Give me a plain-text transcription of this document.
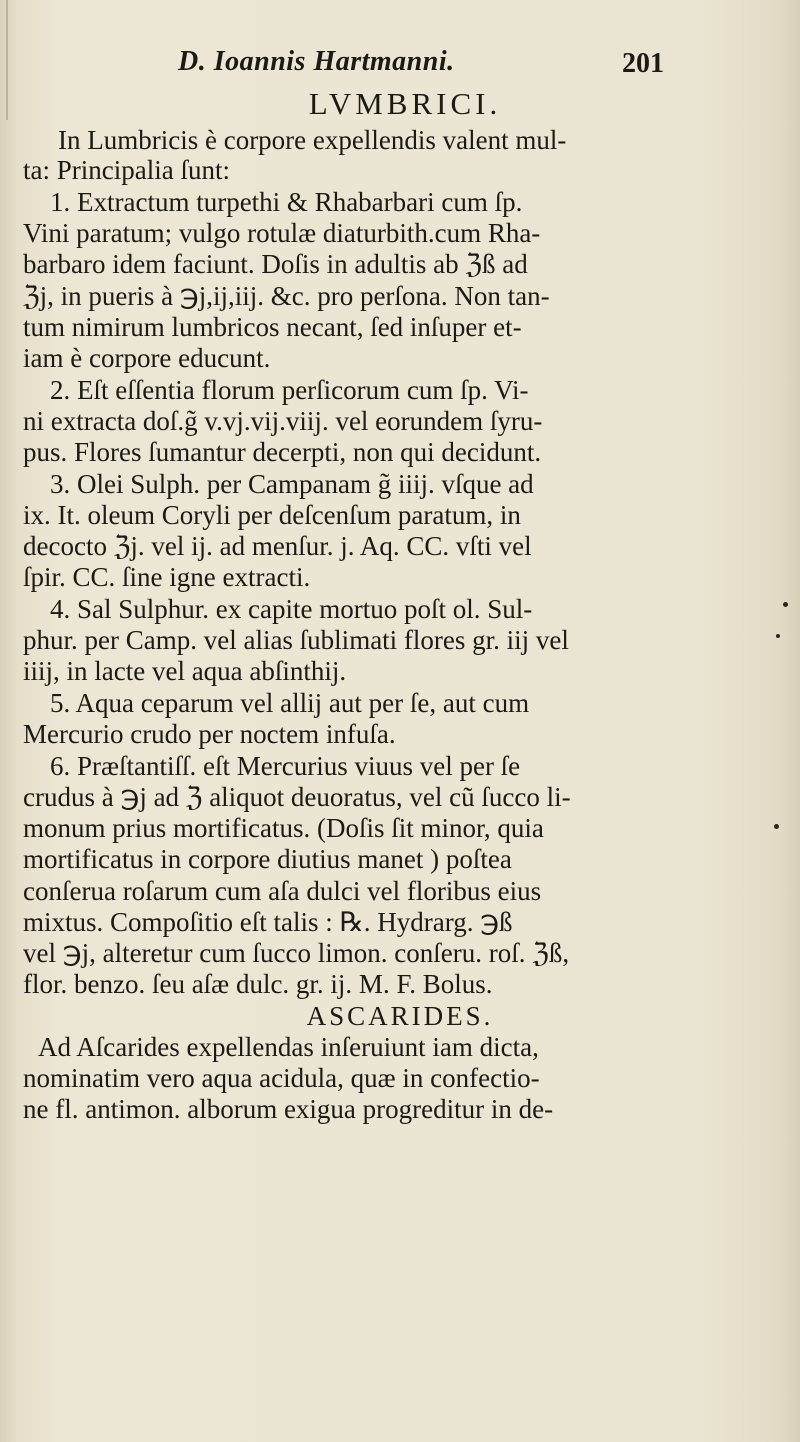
D. Ioannis Hartmanni.	201
LVMBRICI.
In Lumbricis è corpore expellendis valent mul-
ta: Principalia ſunt:
1. Extractum turpethi & Rhabarbari cum ſp.
Vini paratum; vulgo rotulæ diaturbith.cum Rha-
barbaro idem faciunt. Doſis in adultis ab ℨß ad
ℨj, in pueris à ℈j,ij,iij. &c. pro perſona. Non tan-
tum nimirum lumbricos necant, ſed inſuper et-
iam è corpore educunt.
2. Eſt eſſentia florum perſicorum cum ſp. Vi-
ni extracta doſ.g̃ v.vj.vij.viij. vel eorundem ſyru-
pus. Flores ſumantur decerpti, non qui decidunt.
3. Olei Sulph. per Campanam g̃ iiij. vſque ad
ix. It. oleum Coryli per deſcenſum paratum, in
decocto ℨj. vel ij. ad menſur. j. Aq. CC. vſti vel
ſpir. CC. ſine igne extracti.
4. Sal Sulphur. ex capite mortuo poſt ol. Sul-
phur. per Camp. vel alias ſublimati flores gr. iij vel
iiij, in lacte vel aqua abſinthij.
5. Aqua ceparum vel allij aut per ſe, aut cum
Mercurio crudo per noctem infuſa.
6. Præſtantiſſ. eſt Mercurius viuus vel per ſe
crudus à ℈j ad ℨ aliquot deuoratus, vel cũ ſucco li-
monum prius mortificatus. (Doſis ſit minor, quia
mortificatus in corpore diutius manet ) poſtea
conſerua roſarum cum aſa dulci vel floribus eius
mixtus. Compoſitio eſt talis : ℞. Hydrarg. ℈ß
vel ℈j, alteretur cum ſucco limon. conſeru. roſ. ℨß,
flor. benzo. ſeu aſæ dulc. gr. ij. M. F. Bolus.
ASCARIDES.
Ad Aſcarides expellendas inſeruiunt iam dicta,
nominatim vero aqua acidula, quæ in confectio-
ne fl. antimon. alborum exigua progreditur in de-
